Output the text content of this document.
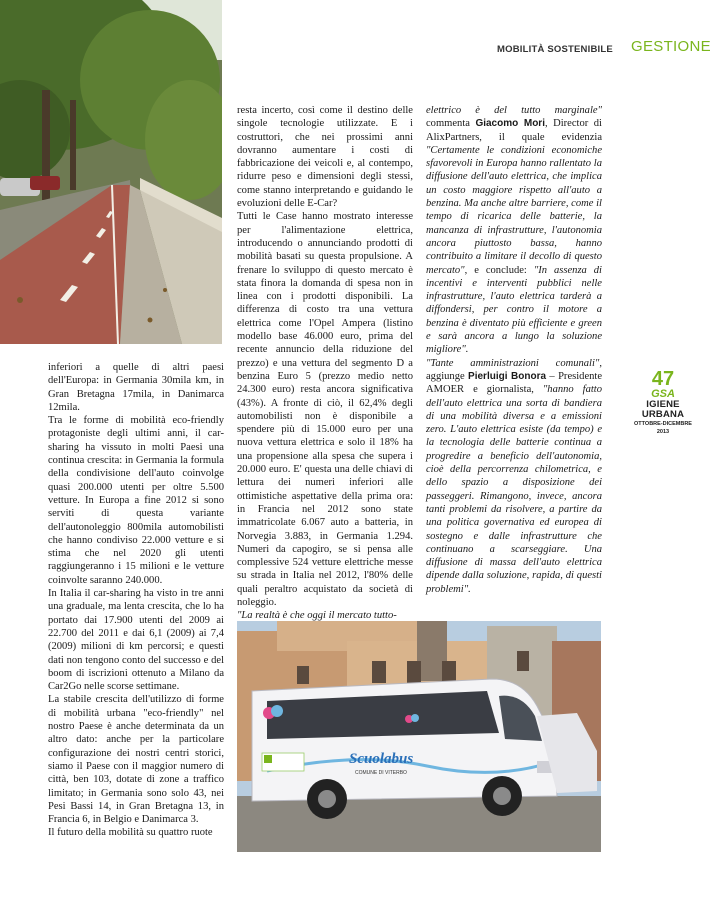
MOBILITÀ SOSTENIBILE GESTIONE

inferiori a quelle di altri paesi dell'Europa: in Germania 30mila km, in Gran Bretagna 17mila, in Danimarca 12mila.

Tra le forme di mobilità eco-friendly protagoniste degli ultimi anni, il car-sharing ha vissuto in molti Paesi una continua crescita: in Germania la formula della condivisione dell'auto coinvolge quasi 200.000 utenti per oltre 5.500 vetture. In Europa a fine 2012 si sono serviti di questa variante dell'autonoleggio 800mila automobilisti che hanno condiviso 22.000 vetture e si stima che nel 2020 gli utenti raggiungeranno i 15 milioni e le vetture coinvolte saranno 240.000.

In Italia il car-sharing ha visto in tre anni una graduale, ma lenta crescita, che lo ha portato dai 17.900 utenti del 2009 ai 22.700 del 2011 e dai 6,1 (2009) ai 7,4 (2009) milioni di km percorsi; e questi dati non tengono conto del successo e del boom di iscrizioni ottenuto a Milano da Car2Go nelle scorse settimane.

La stabile crescita dell'utilizzo di forme di mobilità urbana "eco-friendly" nel nostro Paese è anche determinata da un altro dato: anche per la particolare configurazione dei nostri centri storici, siamo il Paese con il maggior numero di città, ben 103, dotate di zone a traffico limitato; in Germania sono solo 43, nei Pesi Bassi 14, in Gran Bretagna 13, in Francia 6, in Belgio e Danimarca 3.

Il futuro della mobilità su quattro ruote

resta incerto, così come il destino delle singole tecnologie utilizzate. E i costruttori, che nei prossimi anni dovranno aumentare i costi di fabbricazione dei veicoli e, al contempo, ridurre peso e dimensioni degli stessi, come stanno interpretando e guidando le evoluzioni delle E-Car?

Tutti le Case hanno mostrato interesse per l'alimentazione elettrica, introducendo o annunciando prodotti di mobilità basati su questa propulsione. A frenare lo sviluppo di questo mercato è stata finora la domanda di spesa non in linea con i prodotti disponibili. La differenza di costo tra una vettura elettrica come l'Opel Ampera (listino modello base 46.000 euro, prima del recente annuncio della riduzione del prezzo) e una vettura del segmento D a benzina Euro 5 (prezzo medio netto 24.300 euro) resta ancora significativa (43%). A fronte di ciò, il 62,4% degli automobilisti non è disponibile a spendere più di 15.000 euro per una nuova vettura elettrica e solo il 18% ha una propensione alla spesa che supera i 20.000 euro. E' questa una delle chiavi di lettura dei numeri inferiori alle ottimistiche aspettative della prima ora: in Francia nel 2012 sono state immatricolate 6.067 auto a batteria, in Norvegia 3.883, in Germania 1.294. Numeri da capogiro, se si pensa alle complessive 524 vetture elettriche messe su strada in Italia nel 2012, l'80% delle quali peraltro acquistato da società di noleggio.

"La realtà è che oggi il mercato tutto-

elettrico è del tutto marginale" commenta Giacomo Mori, Director di AlixPartners, il quale evidenzia "Certamente le condizioni economiche sfavorevoli in Europa hanno rallentato la diffusione dell'auto elettrica, che implica un costo maggiore rispetto all'auto a benzina. Ma anche altre barriere, come il tempo di ricarica delle batterie, la mancanza di infrastrutture, l'autonomia ancora piuttosto bassa, hanno contribuito a limitare il decollo di questo mercato", e conclude: "In assenza di incentivi e interventi pubblici nelle infrastrutture, l'auto elettrica tarderà a diffondersi, per contro il motore a benzina è diventato più efficiente e green e sarà ancora a lungo la soluzione migliore".

"Tante amministrazioni comunali", aggiunge Pierluigi Bonora – Presidente AMOER e giornalista, "hanno fatto dell'auto elettrica una sorta di bandiera di una mobilità diversa e a emissioni zero. L'auto elettrica esiste (da tempo) e la tecnologia delle batterie continua a progredire a beneficio dell'autonomia, cioè della percorrenza chilometrica, e dello spazio a disposizione dei passeggeri. Rimangono, invece, ancora tanti problemi da risolvere, a partire da una politica governativa ed europea di sostegno e dalle infrastrutture che continuano a scarseggiare. Una diffusione di massa dell'auto elettrica dipende dalla soluzione, rapida, di questi problemi".

47
GSA
IGIENE URBANA
OTTOBRE-DICEMBRE 2013
Scuolabus
COMUNE DI VITERBO
